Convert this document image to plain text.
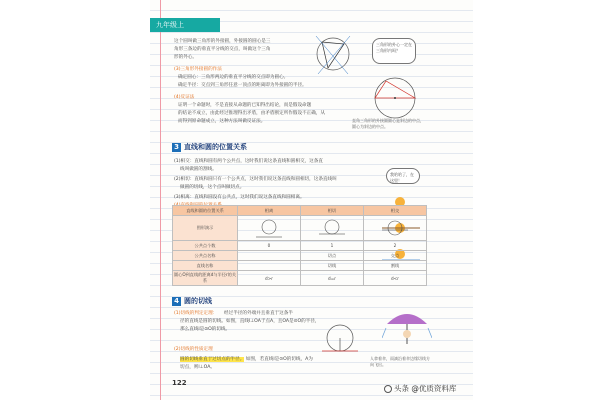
九年级上
这个圆叫做三角形的外接圆，外接圆的圆心是三
角形三条边的垂直平分线的交点，叫做这个三角
形的外心。
三角形的外心一定在三角形内吗？
直角三角形的外接圆圆心是斜边的中点，圆心为斜边的中点。
(3)三角形外接圆的作法
确定圆心：三角形两边的垂直平分线的交点即为圆心。
确定半径：交点到三角形任意一顶点的距离即为外接圆的半径。
(4)反证法
证明一个命题时，不是直接从命题的已知得出结论，而是假设命题
的结论不成立，由此经过推理得出矛盾，由矛盾断定所作假设不正确，从
而得到原命题成立，这种方法叫做反证法。
3 直线和圆的位置关系
(1)相交：直线和圆有两个公共点，这时我们说这条直线和圆相交，这条直
线叫做圆的割线。
(2)相切：直线和圆只有一个公共点，这时我们说这条直线和圆相切，这条直线叫
做圆的切线，这个点叫做切点。
(3)相离：直线和圆没有公共点，这时我们说这条直线和圆相离。
我哈哈了，在这里！
直线和圆的位置关系	相离	相切	相交
图形演示			
公共点个数	0	1	2
公共点名称		切点	交点
直线名称		切线	割线
圆心O到直线的距离d与半径r的关系	d>r	d=r	d<r
4 圆的切线
(1)切线的判定定理： 经过半径的外端并且垂直于这条半
径的直线是圆的切线。如图，直线l⊥OA于点A，且OA是⊙O的半径，
那么直线l是⊙O的切线。
(2)切线的性质定理
圆的切线垂直于过切点的半径。 如图，若直线l是⊙O的切线，A为
切点，则l⊥OA。
人拿着伞，雨滴沿着伞边缘切线方向飞出。
122
头条 @优质资料库
